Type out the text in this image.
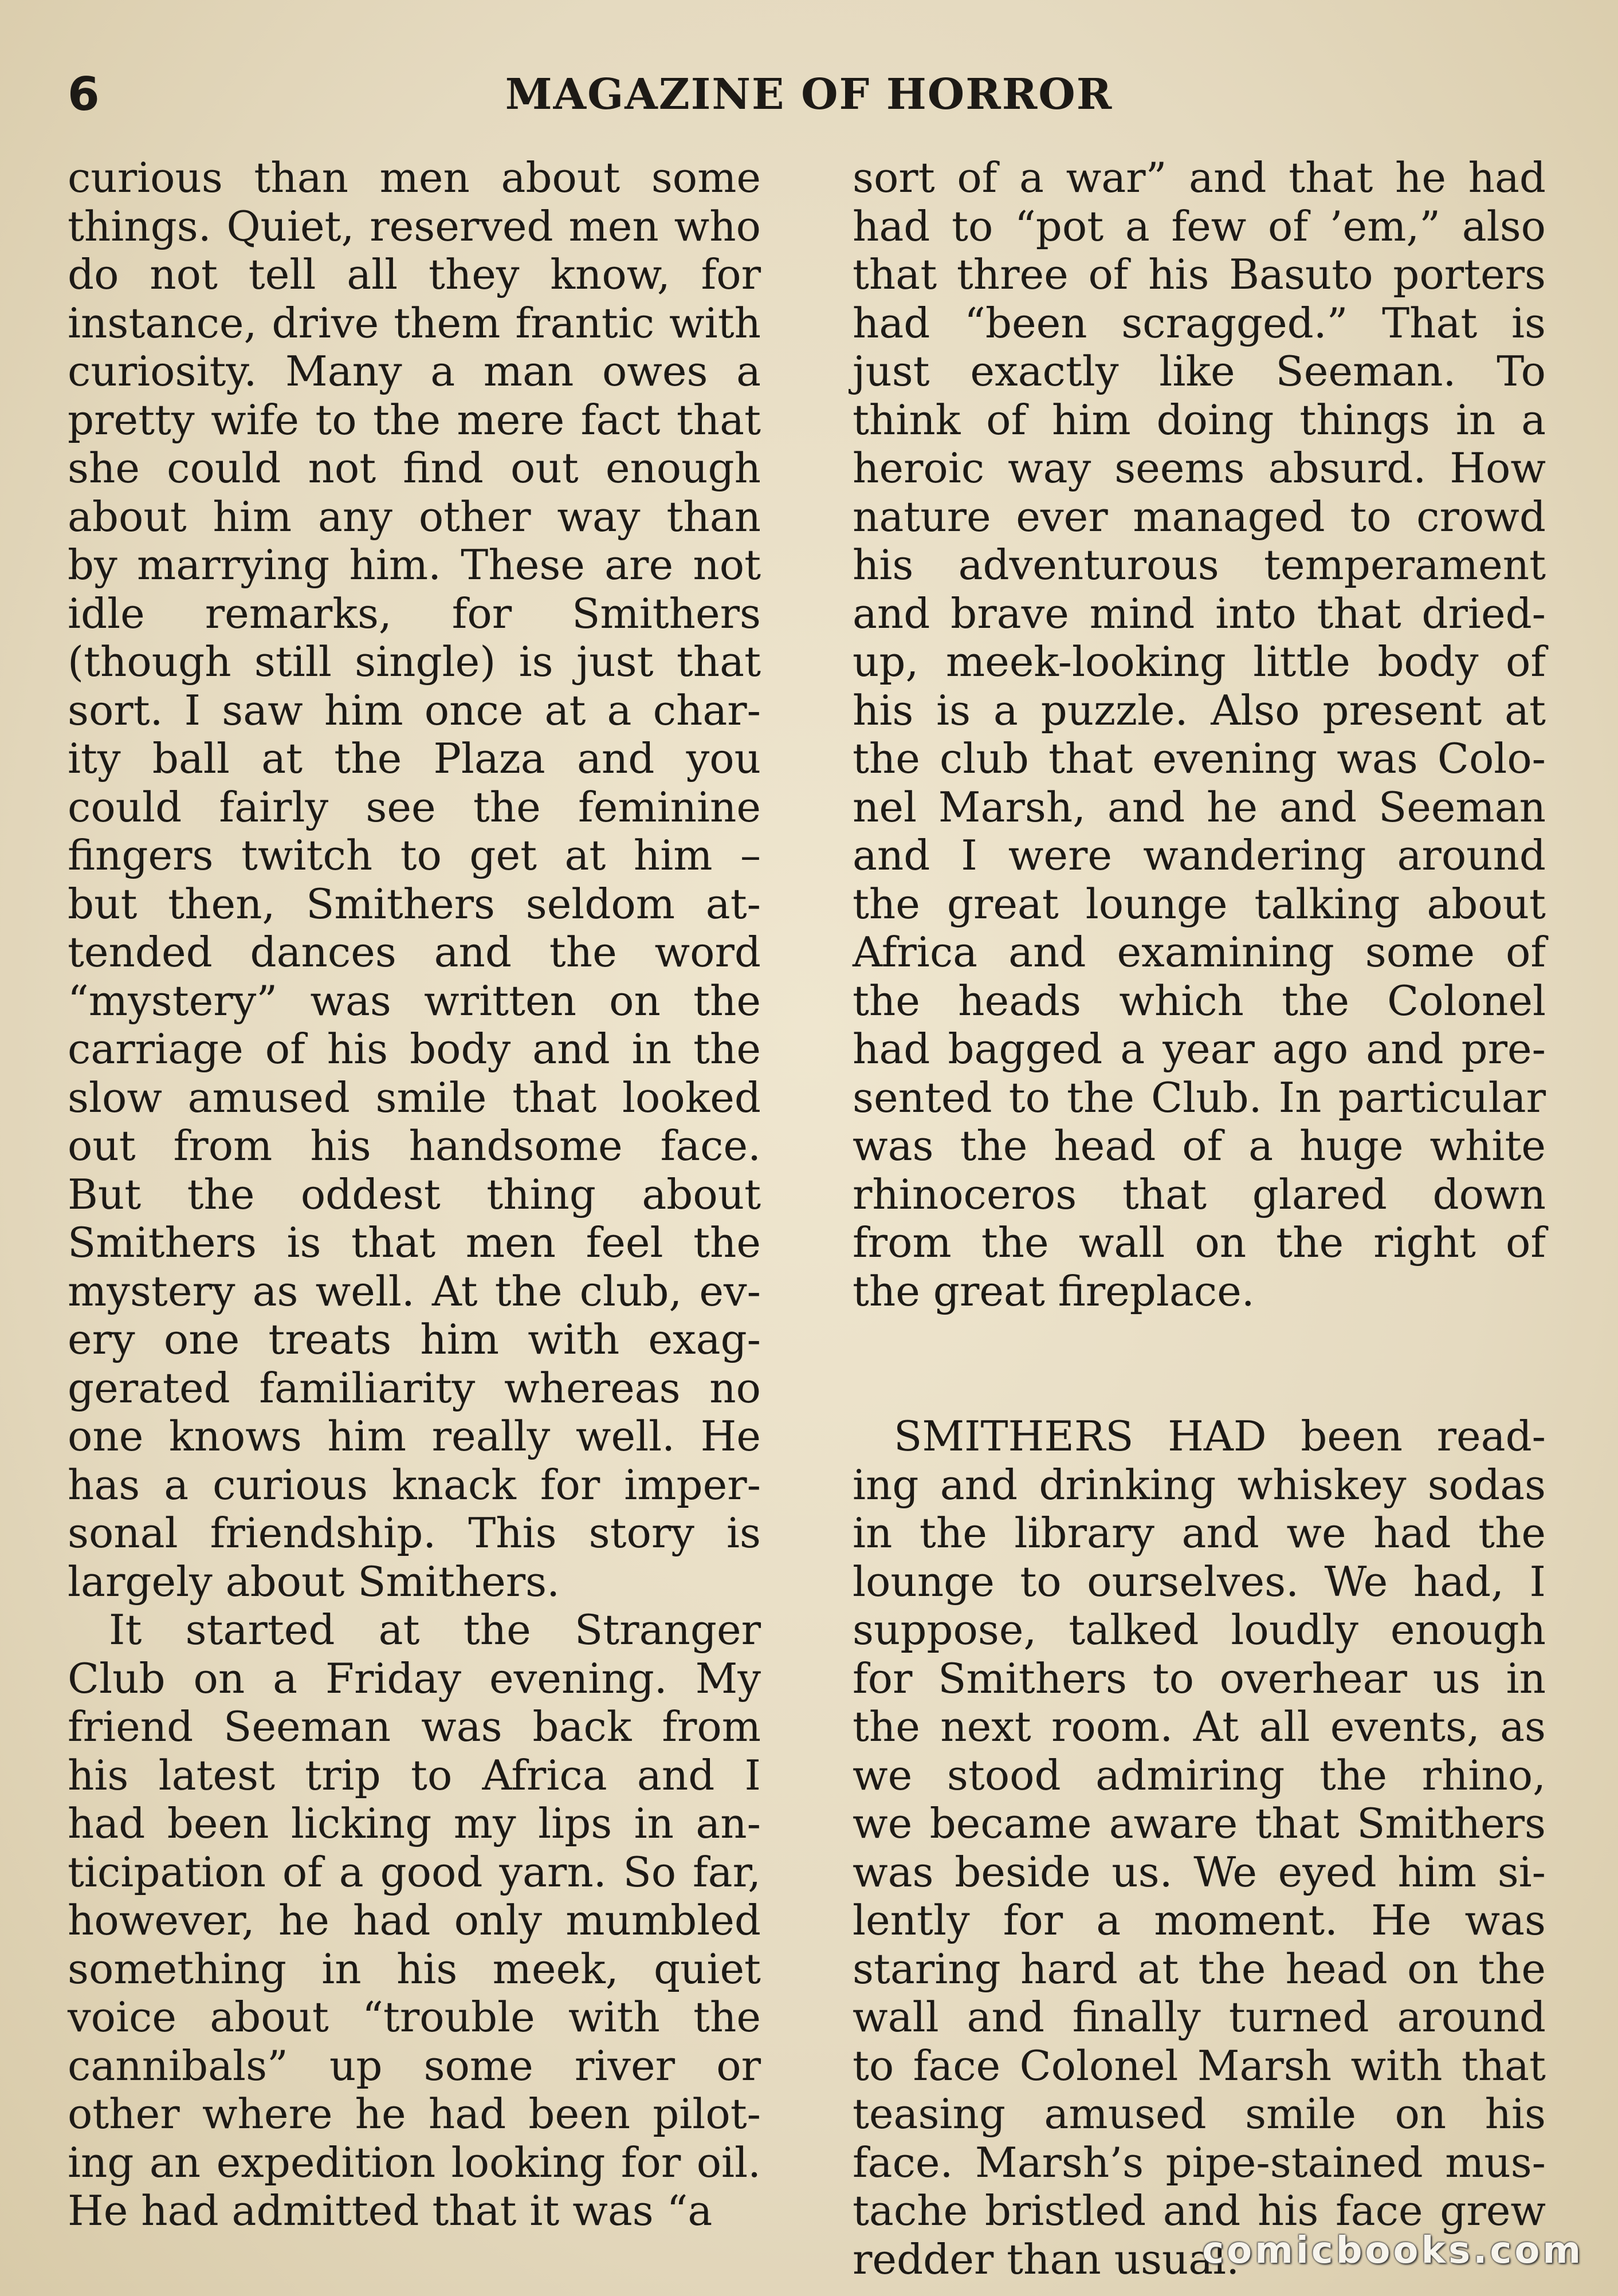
6	MAGAZINE OF HORROR
curious than men about some
things. Quiet, reserved men who
do not tell all they know, for
instance, drive them frantic with
curiosity. Many a man owes a
pretty wife to the mere fact that
she could not find out enough
about him any other way than
by marrying him. These are not
idle remarks, for Smithers
(though still single) is just that
sort. I saw him once at a char-
ity ball at the Plaza and you
could fairly see the feminine
fingers twitch to get at him –
but then, Smithers seldom at-
tended dances and the word
“mystery” was written on the
carriage of his body and in the
slow amused smile that looked
out from his handsome face.
But the oddest thing about
Smithers is that men feel the
mystery as well. At the club, ev-
ery one treats him with exag-
gerated familiarity whereas no
one knows him really well. He
has a curious knack for imper-
sonal friendship. This story is
largely about Smithers.
It started at the Stranger
Club on a Friday evening. My
friend Seeman was back from
his latest trip to Africa and I
had been licking my lips in an-
ticipation of a good yarn. So far,
however, he had only mumbled
something in his meek, quiet
voice about “trouble with the
cannibals” up some river or
other where he had been pilot-
ing an expedition looking for oil.
He had admitted that it was “a
sort of a war” and that he had
had to “pot a few of ’em,” also
that three of his Basuto porters
had “been scragged.” That is
just exactly like Seeman. To
think of him doing things in a
heroic way seems absurd. How
nature ever managed to crowd
his adventurous temperament
and brave mind into that dried-
up, meek-looking little body of
his is a puzzle. Also present at
the club that evening was Colo-
nel Marsh, and he and Seeman
and I were wandering around
the great lounge talking about
Africa and examining some of
the heads which the Colonel
had bagged a year ago and pre-
sented to the Club. In particular
was the head of a huge white
rhinoceros that glared down
from the wall on the right of
the great fireplace.
SMITHERS HAD been read-
ing and drinking whiskey sodas
in the library and we had the
lounge to ourselves. We had, I
suppose, talked loudly enough
for Smithers to overhear us in
the next room. At all events, as
we stood admiring the rhino,
we became aware that Smithers
was beside us. We eyed him si-
lently for a moment. He was
staring hard at the head on the
wall and finally turned around
to face Colonel Marsh with that
teasing amused smile on his
face. Marsh’s pipe-stained mus-
tache bristled and his face grew
redder than usual.
comicbooks.com
